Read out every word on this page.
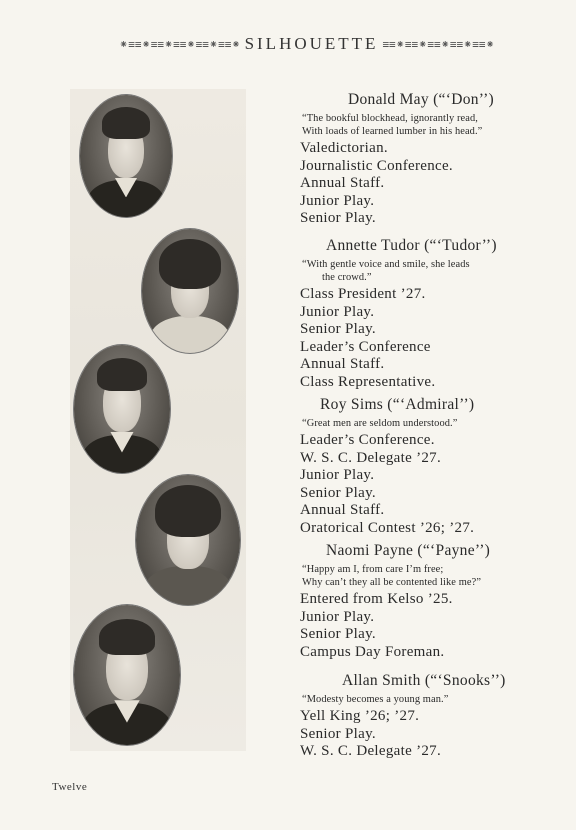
⁕≡≡⁕≡≡⁕≡≡⁕≡≡⁕≡≡⁕ SILHOUETTE ≡≡⁕≡≡⁕≡≡⁕≡≡⁕≡≡⁕
Donald May (“‘Don’’)
“The bookful blockhead, ignorantly read,
With loads of learned lumber in his head.”
Valedictorian.
Journalistic Conference.
Annual Staff.
Junior Play.
Senior Play.
Annette Tudor (“‘Tudor’’)
“With gentle voice and smile, she leads
the crowd.”
Class President ’27.
Junior Play.
Senior Play.
Leader’s Conference
Annual Staff.
Class Representative.
Roy Sims (“‘Admiral’’)
“Great men are seldom understood.”
Leader’s Conference.
W. S. C. Delegate ’27.
Junior Play.
Senior Play.
Annual Staff.
Oratorical Contest ’26; ’27.
Naomi Payne (“‘Payne’’)
“Happy am I, from care I’m free;
Why can’t they all be contented like me?”
Entered from Kelso ’25.
Junior Play.
Senior Play.
Campus Day Foreman.
Allan Smith (“‘Snooks’’)
“Modesty becomes a young man.”
Yell King ’26; ’27.
Senior Play.
W. S. C. Delegate ’27.
Twelve
